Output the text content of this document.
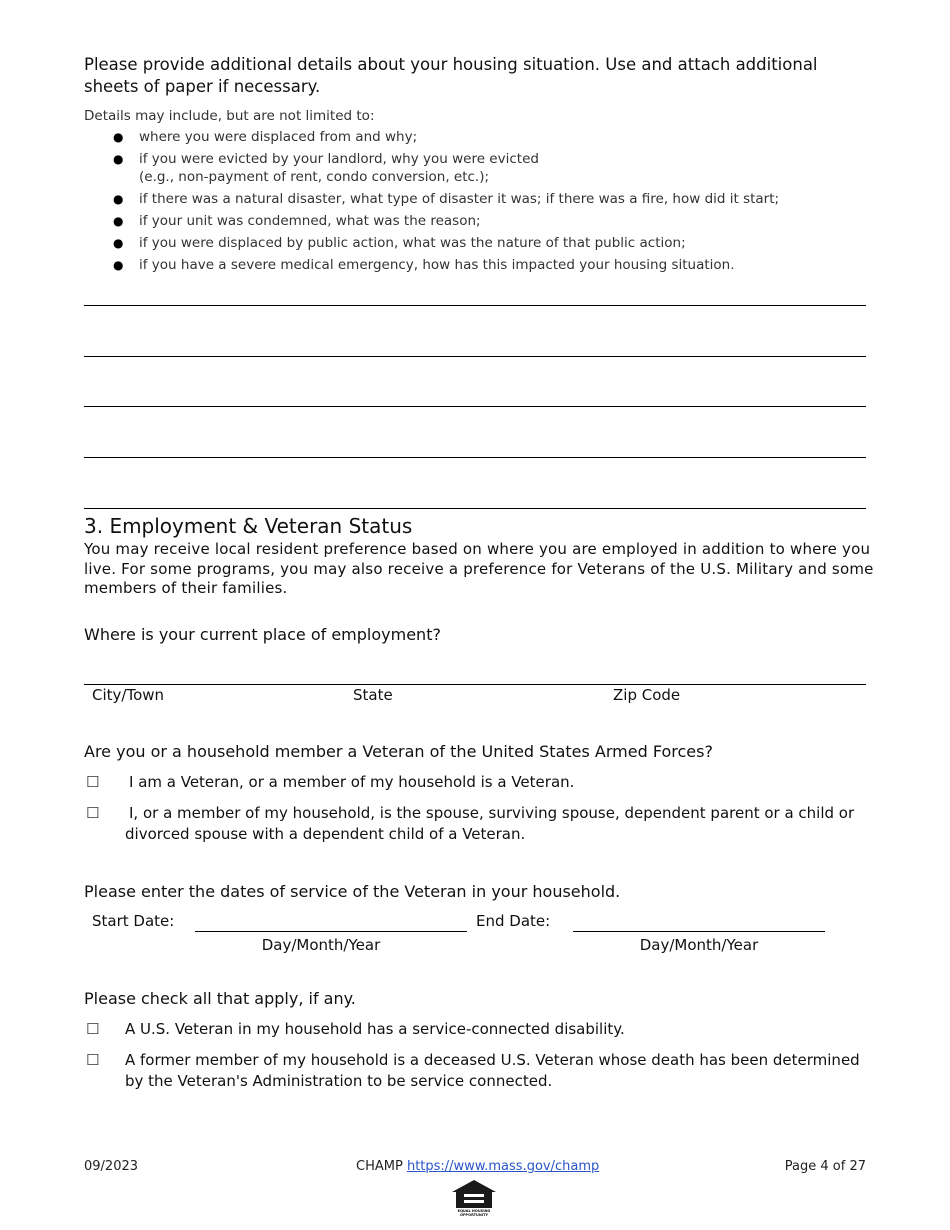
Please provide additional details about your housing situation. Use and attach additional sheets of paper if necessary.
Details may include, but are not limited to:
● where you were displaced from and why;
● if you were evicted by your landlord, why you were evicted
(e.g., non-payment of rent, condo conversion, etc.);
● if there was a natural disaster, what type of disaster it was; if there was a fire, how did it start;
● if your unit was condemned, what was the reason;
● if you were displaced by public action, what was the nature of that public action;
● if you have a severe medical emergency, how has this impacted your housing situation.
3. Employment & Veteran Status
You may receive local resident preference based on where you are employed in addition to where you live. For some programs, you may also receive a preference for Veterans of the U.S. Military and some members of their families.
Where is your current place of employment?
City/Town	State	Zip Code
Are you or a household member a Veteran of the United States Armed Forces?
☐ I am a Veteran, or a member of my household is a Veteran.
☐ I, or a member of my household, is the spouse, surviving spouse, dependent parent or a child or divorced spouse with a dependent child of a Veteran.
Please enter the dates of service of the Veteran in your household.
Start Date:
Day/Month/Year
End Date:
Day/Month/Year
Please check all that apply, if any.
☐ A U.S. Veteran in my household has a service-connected disability.
☐ A former member of my household is a deceased U.S. Veteran whose death has been determined by the Veteran's Administration to be service connected.
09/2023	CHAMP https://www.mass.gov/champ	Page 4 of 27
EQUAL HOUSING OPPORTUNITY
